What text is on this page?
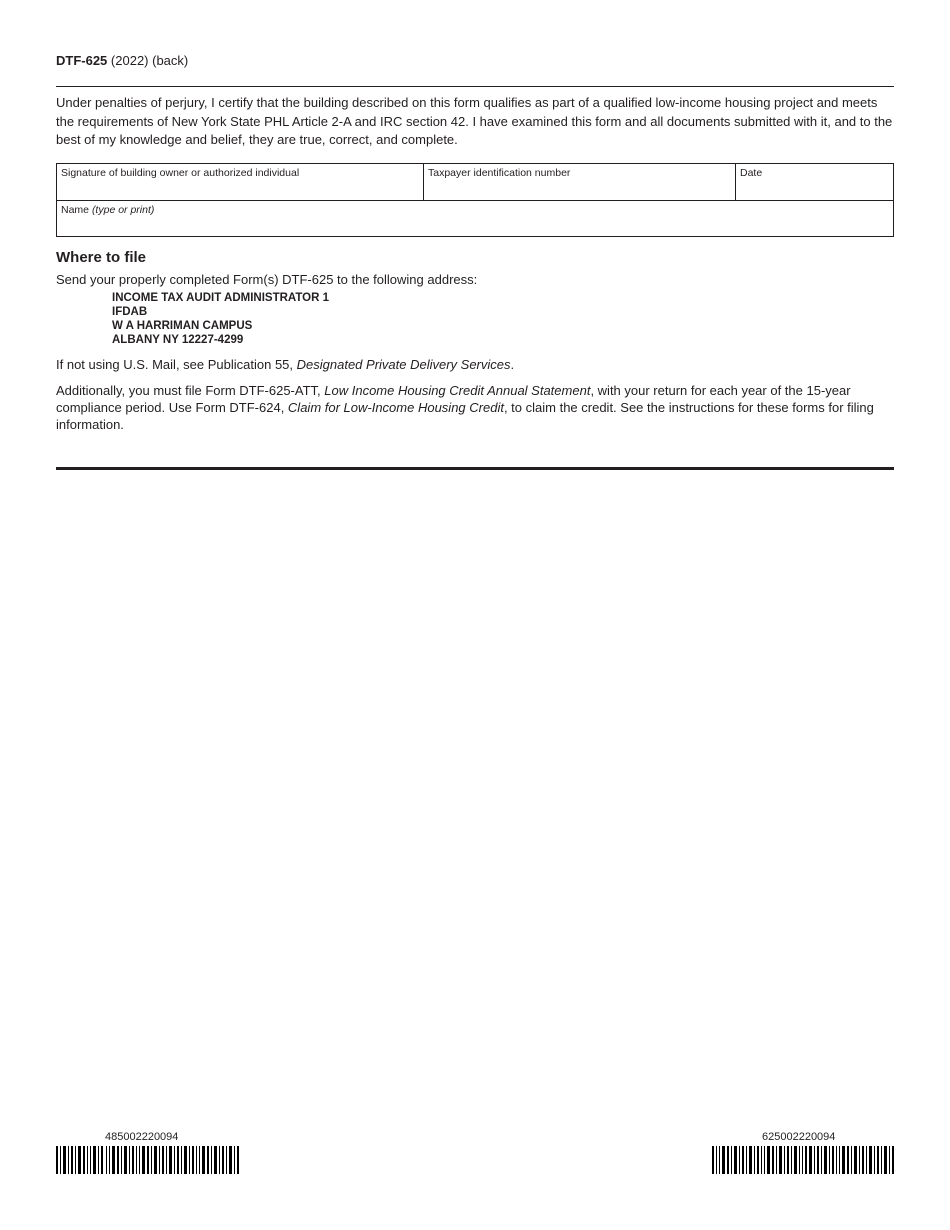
DTF-625 (2022) (back)

Under penalties of perjury, I certify that the building described on this form qualifies as part of a qualified low-income housing project and meets the requirements of New York State PHL Article 2-A and IRC section 42. I have examined this form and all documents submitted with it, and to the best of my knowledge and belief, they are true, correct, and complete.

Signature of building owner or authorized individual	Taxpayer identification number	Date
Name (type or print)
Where to file

Send your properly completed Form(s) DTF-625 to the following address:

INCOME TAX AUDIT ADMINISTRATOR 1
IFDAB
W A HARRIMAN CAMPUS
ALBANY NY 12227-4299

If not using U.S. Mail, see Publication 55, Designated Private Delivery Services.

Additionally, you must file Form DTF-625-ATT, Low Income Housing Credit Annual Statement, with your return for each year of the 15-year compliance period. Use Form DTF-624, Claim for Low-Income Housing Credit, to claim the credit. See the instructions for these forms for filing information.

485002220094	625002220094
